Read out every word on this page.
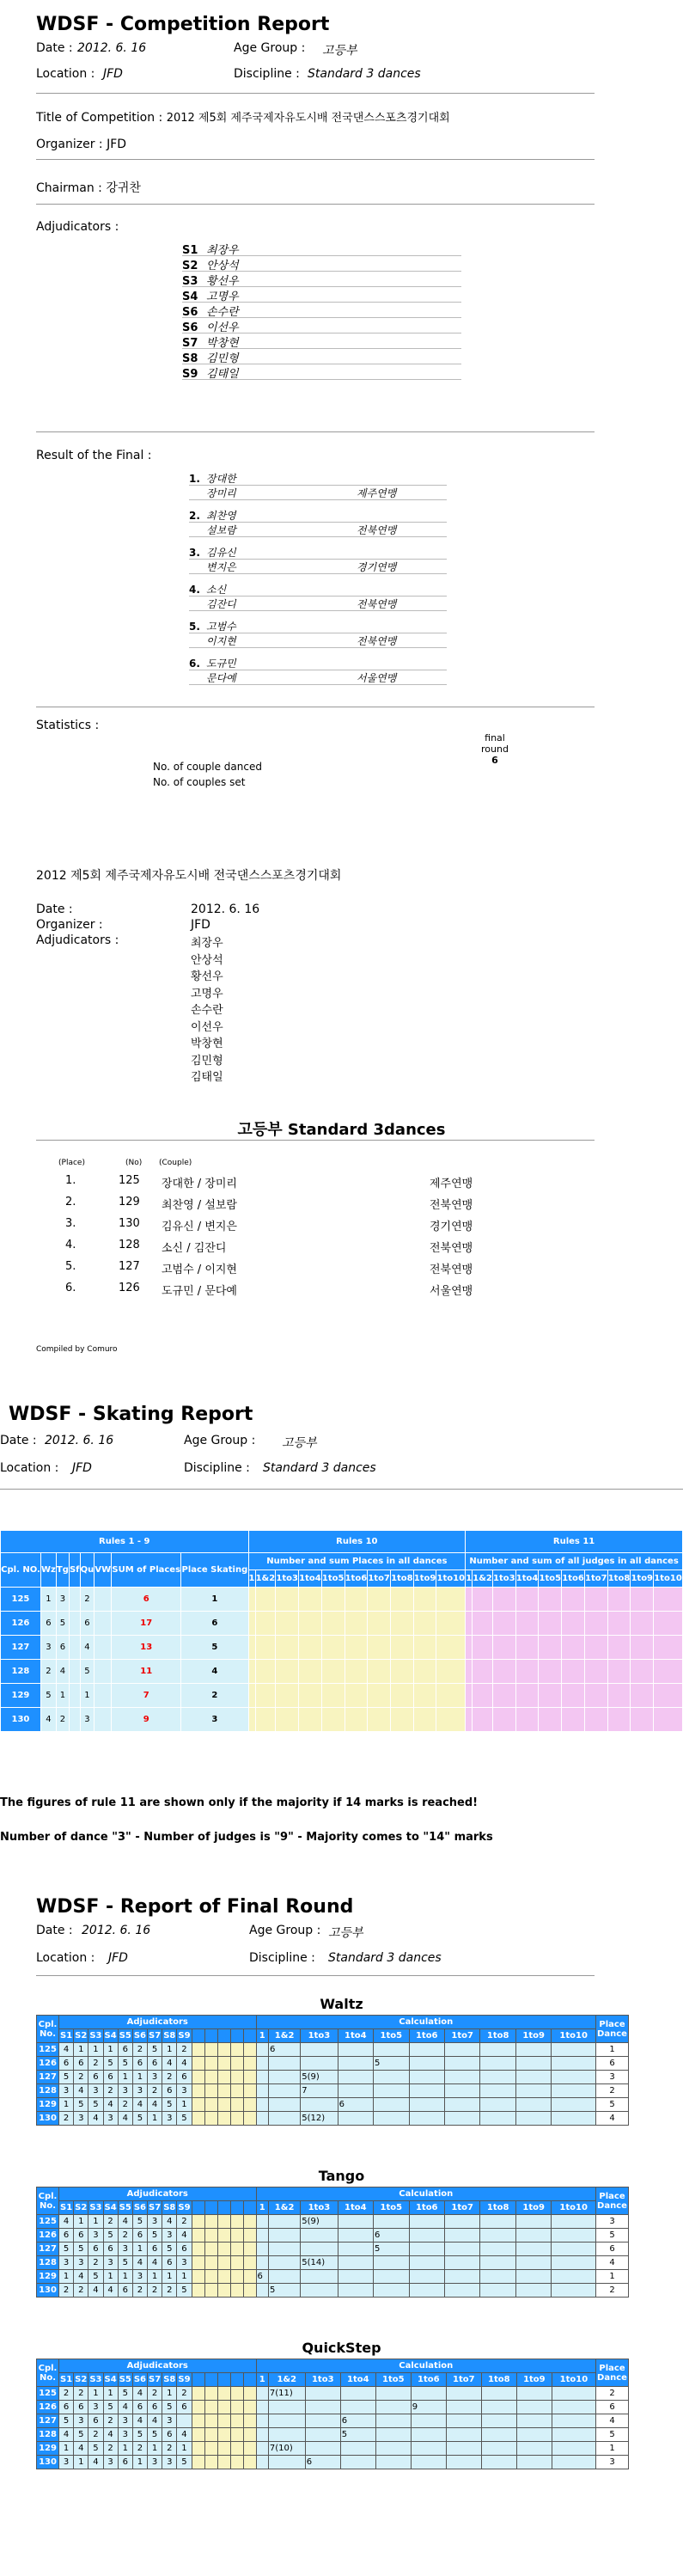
WDSF - Competition Report
Date : 2012. 6. 16	Age Group : 고등부
Location : JFD	Discipline : Standard 3 dances
Title of Competition : 2012 제5회 제주국제자유도시배 전국댄스스포츠경기대회
Organizer : JFD
Chairman : 강귀찬
Adjudicators :
S1최장우
S2안상석
S3황선우
S4고명우
S6손수란
S6이선우
S7박창현
S8김민형
S9김태일
Result of the Final :
1. 장대한
장미리	제주연맹
2. 최찬영
설보람	전북연맹
3. 김유신
변지은	경기연맹
4. 소신
김잔디	전북연맹
5. 고범수
이지현	전북연맹
6. 도규민
문다예	서울연맹
Statistics :
final
round
6
No. of couple danced
No. of couples set
2012 제5회 제주국제자유도시배 전국댄스스포츠경기대회
Date :	2012. 6. 16
Organizer :	JFD
Adjudicators :	최장우
안상석
황선우
고명우
손수란
이선우
박창현
김민형
김태일
고등부 Standard 3dances
(Place)	(No) (Couple)
1.	125 장대한 / 장미리	제주연맹
2.	129 최찬영 / 설보람	전북연맹
3.	130 김유신 / 변지은	경기연맹
4.	128 소신 / 김잔디	전북연맹
5.	127 고범수 / 이지현	전북연맹
6.	126 도규민 / 문다예	서울연맹
Compiled by Comuro
WDSF - Skating Report
Date : 2012. 6. 16	Age Group : 고등부
Location : JFD	Discipline : Standard 3 dances
Rules 1 - 9								Rules 10										Rules 11									
Cpl. NO.	Wz	Tg	Sf	Qu	VW	SUM of Places	Place Skating	Number and sum Places in all dances										Number and sum of all judges in all dances									
								1	1&2	1to3	1to4	1to5	1to6	1to7	1to8	1to9	1to10	1	1&2	1to3	1to4	1to5	1to6	1to7	1to8	1to9	1to10
125	1	3		2		6	1																				
126	6	5		6		17	6																				
127	3	6		4		13	5																				
128	2	4		5		11	4																				
129	5	1		1		7	2																				
130	4	2		3		9	3																				
The figures of rule 11 are shown only if the majority if 14 marks is reached!
Number of dance "3" - Number of judges is "9" - Majority comes to "14" marks
WDSF - Report of Final Round
Date : 2012. 6. 16	Age Group : 고등부
Location : JFD	Discipline : Standard 3 dances
Waltz
Cpl. No.	Adjudicators														Calculation										Place Dance
	S1	S2	S3	S4	S5	S6	S7	S8	S9						1	1&2	1to3	1to4	1to5	1to6	1to7	1to8	1to9	1to10	
125	4	1	1	1	6	2	5	1	2							6									1
126	6	6	2	5	5	6	6	4	4										5						6
127	5	2	6	6	1	1	3	2	6								5(9)								3
128	3	4	3	2	3	3	2	6	3								7								2
129	1	5	5	4	2	4	4	5	1									6							5
130	2	3	4	3	4	5	1	3	5								5(12)								4
Tango
Cpl. No.	Adjudicators														Calculation										Place Dance
	S1	S2	S3	S4	S5	S6	S7	S8	S9						1	1&2	1to3	1to4	1to5	1to6	1to7	1to8	1to9	1to10	
125	4	1	1	2	4	5	3	4	2								5(9)								3
126	6	6	3	5	2	6	5	3	4										6						5
127	5	5	6	6	3	1	6	5	6										5						6
128	3	3	2	3	5	4	4	6	3								5(14)								4
129	1	4	5	1	1	3	1	1	1						6										1
130	2	2	4	4	6	2	2	2	5							5									2
QuickStep
Cpl. No.	Adjudicators														Calculation										Place Dance
	S1	S2	S3	S4	S5	S6	S7	S8	S9						1	1&2	1to3	1to4	1to5	1to6	1to7	1to8	1to9	1to10	
125	2	2	1	1	5	4	2	1	2							7(11)									2
126	6	6	3	5	4	6	6	5	6											9					6
127	5	3	6	2	3	4	4	3										6							4
128	4	5	2	4	3	5	5	6	4									5							5
129	1	4	5	2	1	2	1	2	1							7(10)									1
130	3	1	4	3	6	1	3	3	5								6								3
